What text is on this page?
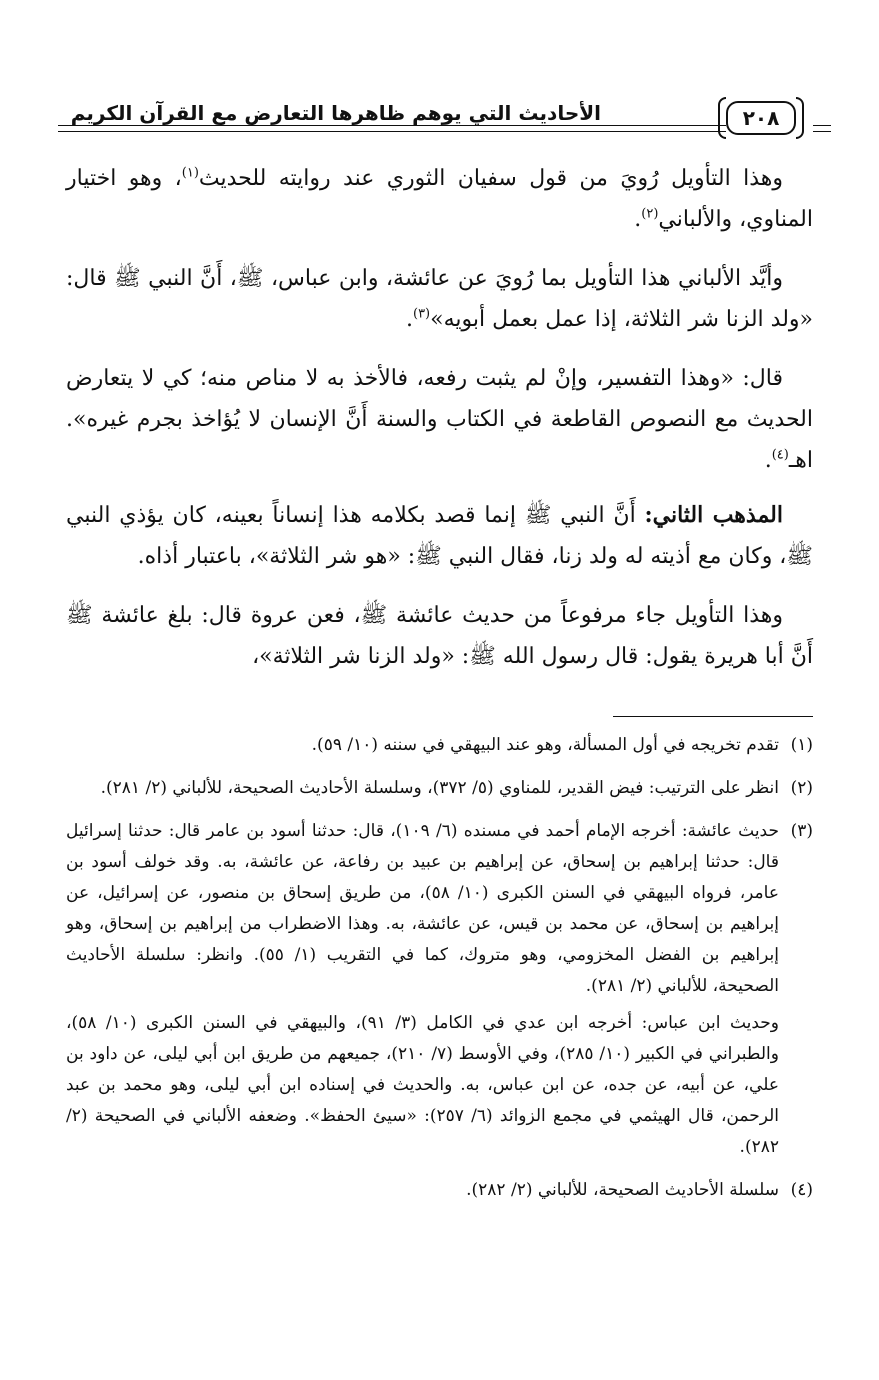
الأحاديث التي يوهم ظاهرها التعارض مع القرآن الكريم	٢٠٨

وهذا التأويل رُويَ من قول سفيان الثوري عند روايته للحديث$^{(١)}$، وهو اختيار المناوي، والألباني$^{(٢)}$.

وأيَّد الألباني هذا التأويل بما رُويَ عن عائشة، وابن عباس، ﷺ، أَنَّ النبي ﷺ قال: «ولد الزنا شر الثلاثة، إذا عمل بعمل أبويه»$^{(٣)}$.

قال: «وهذا التفسير، وإنْ لم يثبت رفعه، فالأخذ به لا مناص منه؛ كي لا يتعارض الحديث مع النصوص القاطعة في الكتاب والسنة أَنَّ الإنسان لا يُؤاخذ بجرم غيره». اهـ$^{(٤)}$.

المذهب الثاني: أَنَّ النبي ﷺ إنما قصد بكلامه هذا إنساناً بعينه، كان يؤذي النبي ﷺ، وكان مع أذيته له ولد زنا، فقال النبي ﷺ: «هو شر الثلاثة»، باعتبار أذاه.

وهذا التأويل جاء مرفوعاً من حديث عائشة ﷺ، فعن عروة قال: بلغ عائشة ﷺ أَنَّ أبا هريرة يقول: قال رسول الله ﷺ: «ولد الزنا شر الثلاثة»،

(١)

تقدم تخريجه في أول المسألة، وهو عند البيهقي في سننه (١٠/ ٥٩).

(٢)

انظر على الترتيب: فيض القدير، للمناوي (٥/ ٣٧٢)، وسلسلة الأحاديث الصحيحة، للألباني (٢/ ٢٨١).

(٣)

حديث عائشة: أخرجه الإمام أحمد في مسنده (٦/ ١٠٩)، قال: حدثنا أسود بن عامر قال: حدثنا إسرائيل قال: حدثنا إبراهيم بن إسحاق، عن إبراهيم بن عبيد بن رفاعة، عن عائشة، به. وقد خولف أسود بن عامر، فرواه البيهقي في السنن الكبرى (١٠/ ٥٨)، من طريق إسحاق بن منصور، عن إسرائيل، عن إبراهيم بن إسحاق، عن محمد بن قيس، عن عائشة، به. وهذا الاضطراب من إبراهيم بن إسحاق، وهو إبراهيم بن الفضل المخزومي، وهو متروك، كما في التقريب (١/ ٥٥). وانظر: سلسلة الأحاديث الصحيحة، للألباني (٢/ ٢٨١).

وحديث ابن عباس: أخرجه ابن عدي في الكامل (٣/ ٩١)، والبيهقي في السنن الكبرى (١٠/ ٥٨)، والطبراني في الكبير (١٠/ ٢٨٥)، وفي الأوسط (٧/ ٢١٠)، جميعهم من طريق ابن أبي ليلى، عن داود بن علي، عن أبيه، عن جده، عن ابن عباس، به. والحديث في إسناده ابن أبي ليلى، وهو محمد بن عبد الرحمن، قال الهيثمي في مجمع الزوائد (٦/ ٢٥٧): «سيئ الحفظ». وضعفه الألباني في الصحيحة (٢/ ٢٨٢).

(٤)

سلسلة الأحاديث الصحيحة، للألباني (٢/ ٢٨٢).
